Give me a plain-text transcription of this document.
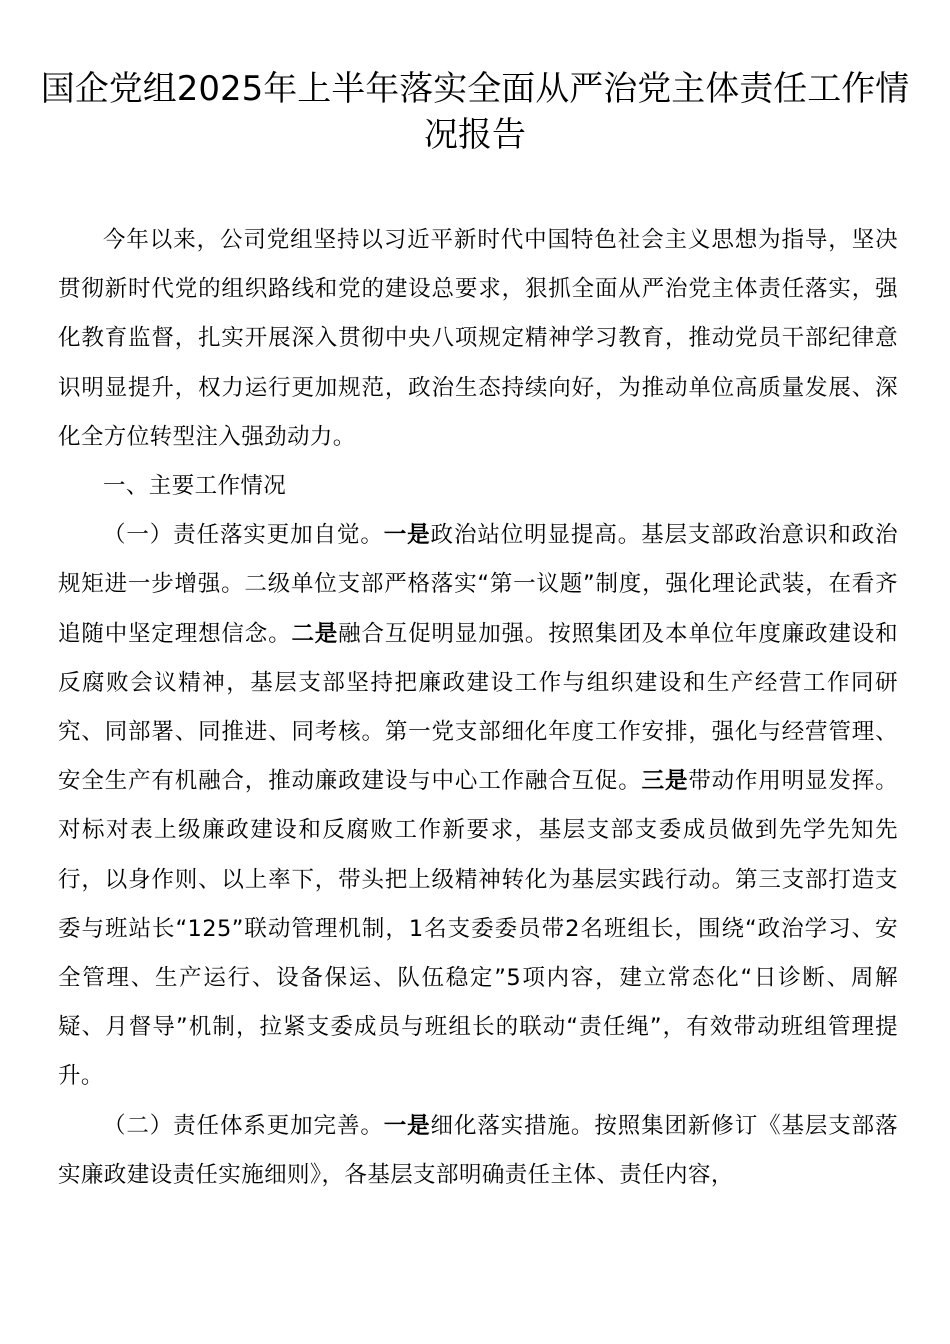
国企党组2025年上半年落实全面从严治党主体责任工作情况报告

今年以来，公司党组坚持以习近平新时代中国特色社会主义思想为指导，坚决贯彻新时代党的组织路线和党的建设总要求，狠抓全面从严治党主体责任落实，强化教育监督，扎实开展深入贯彻中央八项规定精神学习教育，推动党员干部纪律意识明显提升，权力运行更加规范，政治生态持续向好，为推动单位高质量发展、深化全方位转型注入强劲动力。

一、主要工作情况

（一）责任落实更加自觉。一是政治站位明显提高。基层支部政治意识和政治规矩进一步增强。二级单位支部严格落实“第一议题”制度，强化理论武装，在看齐追随中坚定理想信念。二是融合互促明显加强。按照集团及本单位年度廉政建设和反腐败会议精神，基层支部坚持把廉政建设工作与组织建设和生产经营工作同研究、同部署、同推进、同考核。第一党支部细化年度工作安排，强化与经营管理、安全生产有机融合，推动廉政建设与中心工作融合互促。三是带动作用明显发挥。对标对表上级廉政建设和反腐败工作新要求，基层支部支委成员做到先学先知先行，以身作则、以上率下，带头把上级精神转化为基层实践行动。第三支部打造支委与班站长“125”联动管理机制，1名支委委员带2名班组长，围绕“政治学习、安全管理、生产运行、设备保运、队伍稳定”5项内容，建立常态化“日诊断、周解疑、月督导”机制，拉紧支委成员与班组长的联动“责任绳”，有效带动班组管理提升。

（二）责任体系更加完善。一是细化落实措施。按照集团新修订《基层支部落实廉政建设责任实施细则》，各基层支部明确责任主体、责任内容，
